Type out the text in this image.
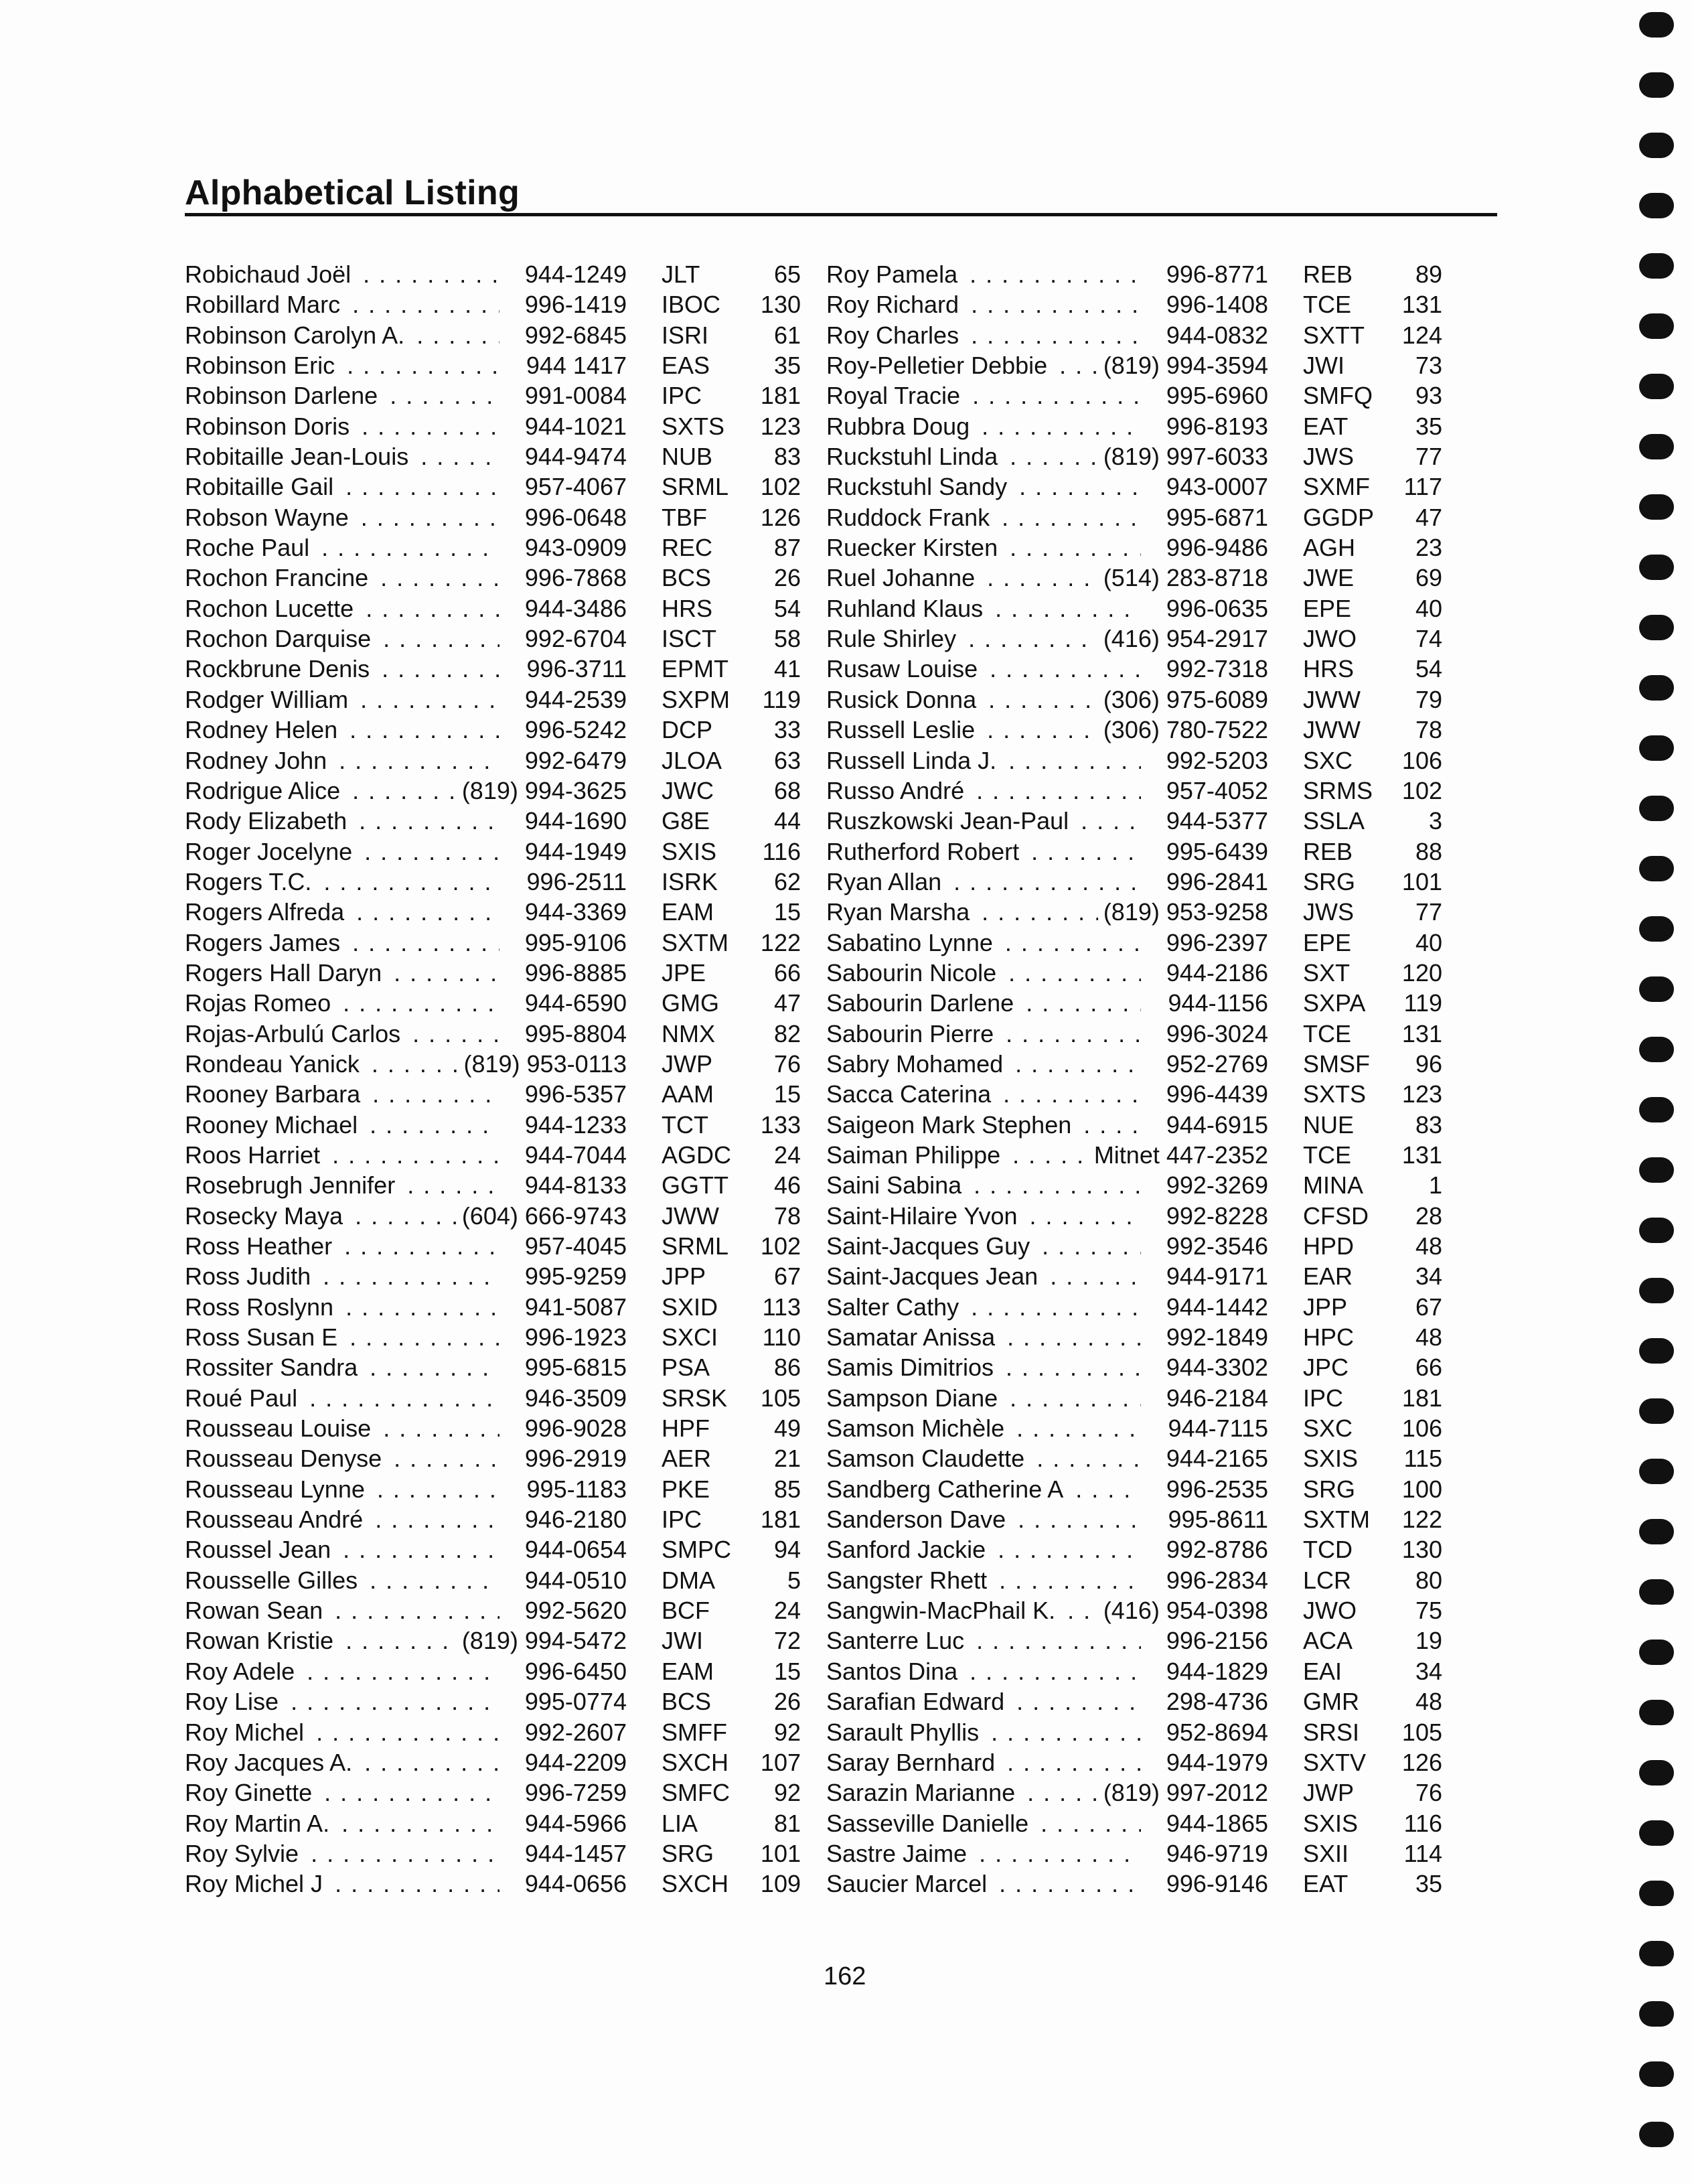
Alphabetical Listing
Robichaud Joël . . .	944-1249 JLT	65
Robillard Marc . . .	996-1419 IBOC	130
Robinson Carolyn A. . . .	992-6845 ISRI	61
Robinson Eric . . .	944 1417 EAS	35
Robinson Darlene . . .	991-0084 IPC	181
Robinson Doris . . .	944-1021 SXTS	123
Robitaille Jean-Louis . . .	944-9474 NUB	83
Robitaille Gail . . .	957-4067 SRML	102
Robson Wayne . . .	996-0648 TBF	126
Roche Paul . . .	943-0909 REC	87
Rochon Francine . . .	996-7868 BCS	26
Rochon Lucette . . .	944-3486 HRS	54
Rochon Darquise . . .	992-6704 ISCT	58
Rockbrune Denis . . .	996-3711 EPMT	41
Rodger William . . .	944-2539 SXPM	119
Rodney Helen . . .	996-5242 DCP	33
Rodney John . . .	992-6479 JLOA	63
Rodrigue Alice . . .	(819) 994-3625 JWC	68
Rody Elizabeth . . .	944-1690 G8E	44
Roger Jocelyne . . .	944-1949 SXIS	116
Rogers T.C. . . .	996-2511 ISRK	62
Rogers Alfreda . . .	944-3369 EAM	15
Rogers James . . .	995-9106 SXTM	122
Rogers Hall Daryn . . .	996-8885 JPE	66
Rojas Romeo . . .	944-6590 GMG	47
Rojas-Arbulú Carlos . . .	995-8804 NMX	82
Rondeau Yanick . . .	(819) 953-0113 JWP	76
Rooney Barbara . . .	996-5357 AAM	15
Rooney Michael . . .	944-1233 TCT	133
Roos Harriet . . .	944-7044 AGDC	24
Rosebrugh Jennifer . . .	944-8133 GGTT	46
Rosecky Maya . . .	(604) 666-9743 JWW	78
Ross Heather . . .	957-4045 SRML	102
Ross Judith . . .	995-9259 JPP	67
Ross Roslynn . . .	941-5087 SXID	113
Ross Susan E . . .	996-1923 SXCI	110
Rossiter Sandra . . .	995-6815 PSA	86
Roué Paul . . .	946-3509 SRSK	105
Rousseau Louise . . .	996-9028 HPF	49
Rousseau Denyse . . .	996-2919 AER	21
Rousseau Lynne . . .	995-1183 PKE	85
Rousseau André . . .	946-2180 IPC	181
Roussel Jean . . .	944-0654 SMPC	94
Rousselle Gilles . . .	944-0510 DMA	5
Rowan Sean . . .	992-5620 BCF	24
Rowan Kristie . . .	(819) 994-5472 JWI	72
Roy Adele . . .	996-6450 EAM	15
Roy Lise . . .	995-0774 BCS	26
Roy Michel . . .	992-2607 SMFF	92
Roy Jacques A. . . .	944-2209 SXCH	107
Roy Ginette . . .	996-7259 SMFC	92
Roy Martin A. . . .	944-5966 LIA	81
Roy Sylvie . . .	944-1457 SRG	101
Roy Michel J . . .	944-0656 SXCH	109
Roy Pamela . . .	996-8771 REB	89
Roy Richard . . .	996-1408 TCE	131
Roy Charles . . .	944-0832 SXTT	124
Roy-Pelletier Debbie . . .	(819) 994-3594 JWI	73
Royal Tracie . . .	995-6960 SMFQ	93
Rubbra Doug . . .	996-8193 EAT	35
Ruckstuhl Linda . . .	(819) 997-6033 JWS	77
Ruckstuhl Sandy . . .	943-0007 SXMF	117
Ruddock Frank . . .	995-6871 GGDP	47
Ruecker Kirsten . . .	996-9486 AGH	23
Ruel Johanne . . .	(514) 283-8718 JWE	69
Ruhland Klaus . . .	996-0635 EPE	40
Rule Shirley . . .	(416) 954-2917 JWO	74
Rusaw Louise . . .	992-7318 HRS	54
Rusick Donna . . .	(306) 975-6089 JWW	79
Russell Leslie . . .	(306) 780-7522 JWW	78
Russell Linda J. . . .	992-5203 SXC	106
Russo André . . .	957-4052 SRMS	102
Ruszkowski Jean-Paul . . .	944-5377 SSLA	3
Rutherford Robert . . .	995-6439 REB	88
Ryan Allan . . .	996-2841 SRG	101
Ryan Marsha . . .	(819) 953-9258 JWS	77
Sabatino Lynne . . .	996-2397 EPE	40
Sabourin Nicole . . .	944-2186 SXT	120
Sabourin Darlene . . .	944-1156 SXPA	119
Sabourin Pierre . . .	996-3024 TCE	131
Sabry Mohamed . . .	952-2769 SMSF	96
Sacca Caterina . . .	996-4439 SXTS	123
Saigeon Mark Stephen . . .	944-6915 NUE	83
Saiman Philippe . . .	Mitnet 447-2352 TCE	131
Saini Sabina . . .	992-3269 MINA	1
Saint-Hilaire Yvon . . .	992-8228 CFSD	28
Saint-Jacques Guy . . .	992-3546 HPD	48
Saint-Jacques Jean . . .	944-9171 EAR	34
Salter Cathy . . .	944-1442 JPP	67
Samatar Anissa . . .	992-1849 HPC	48
Samis Dimitrios . . .	944-3302 JPC	66
Sampson Diane . . .	946-2184 IPC	181
Samson Michèle . . .	944-7115 SXC	106
Samson Claudette . . .	944-2165 SXIS	115
Sandberg Catherine A . . .	996-2535 SRG	100
Sanderson Dave . . .	995-8611 SXTM	122
Sanford Jackie . . .	992-8786 TCD	130
Sangster Rhett . . .	996-2834 LCR	80
Sangwin-MacPhail K. . . .	(416) 954-0398 JWO	75
Santerre Luc . . .	996-2156 ACA	19
Santos Dina . . .	944-1829 EAI	34
Sarafian Edward . . .	298-4736 GMR	48
Sarault Phyllis . . .	952-8694 SRSI	105
Saray Bernhard . . .	944-1979 SXTV	126
Sarazin Marianne . . .	(819) 997-2012 JWP	76
Sasseville Danielle . . .	944-1865 SXIS	116
Sastre Jaime . . .	946-9719 SXII	114
Saucier Marcel . . .	996-9146 EAT	35
162
